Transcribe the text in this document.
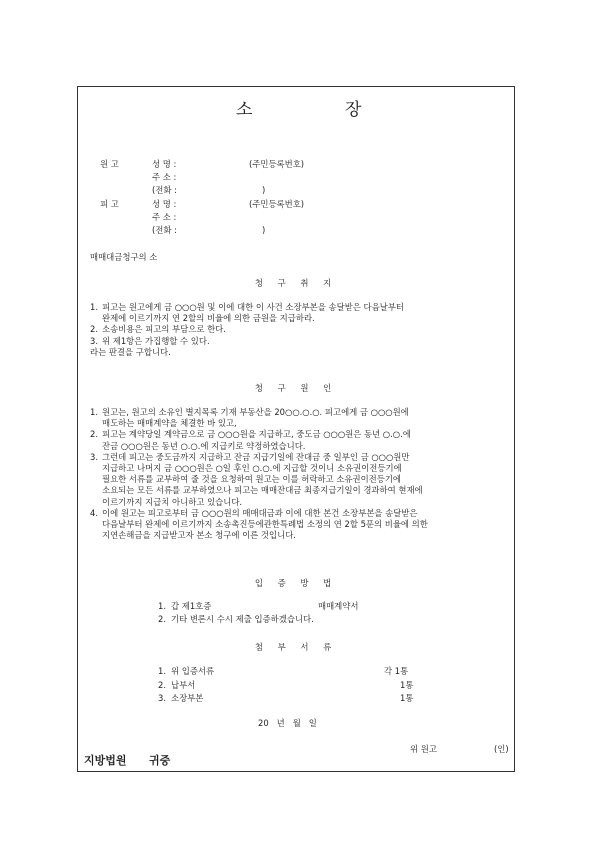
소	장
원 고	성 명 :	(주민등록번호)
주 소 :
(전화 :	)
피 고	성 명 :	(주민등록번호)
주 소 :
(전화 :	)
매매대금청구의 소
청 구 취 지
1. 피고는 원고에게 금 ○○○원 및 이에 대한 이 사건 소장부본을 송달받은 다음날부터
완제에 이르기까지 연 2할의 비율에 의한 금원을 지급하라.
2. 소송비용은 피고의 부담으로 한다.
3. 위 제1항은 가집행할 수 있다.
라는 판결을 구합니다.
청 구 원 인
1. 원고는, 원고의 소유인 별지목록 기재 부동산을 20○○.○.○. 피고에게 금 ○○○원에
매도하는 매매계약을 체결한 바 있고,
2. 피고는 계약당일 계약금으로 금 ○○○원을 지급하고, 중도금 ○○○원은 동년 ○.○.에
잔금 ○○○원은 동년 ○.○.에 지급키로 약정하였습니다.
3. 그런데 피고는 중도금까지 지급하고 잔금 지급기일에 잔대금 중 일부인 금 ○○○원만
지급하고 나머지 금 ○○○원은 ○일 후인 ○.○.에 지급할 것이니 소유권이전등기에
필요한 서류를 교부하여 줄 것을 요청하여 원고는 이를 허락하고 소유권이전등기에
소요되는 모든 서류를 교부하였으나 피고는 매매잔대금 최종지급기일이 경과하여 현재에
이르기까지 지급치 아니하고 있습니다.
4. 이에 원고는 피고로부터 금 ○○○원의 매매대금과 이에 대한 본건 소장부본을 송달받은
다음날부터 완제에 이르기까지 소송촉진등에관한특례법 소정의 연 2할 5푼의 비율에 의한
지연손해금을 지급받고자 본소 청구에 이른 것입니다.
입 증 방 법
1. 갑 제1호증	매매계약서
2. 기타 변론시 수시 제출 입증하겠습니다.
첨 부 서 류
1. 위 입증서류	각 1통
2. 납부서	1통
3. 소장부본	1통
20   년   월   일
위 원고	(인)
지방법원 귀중
